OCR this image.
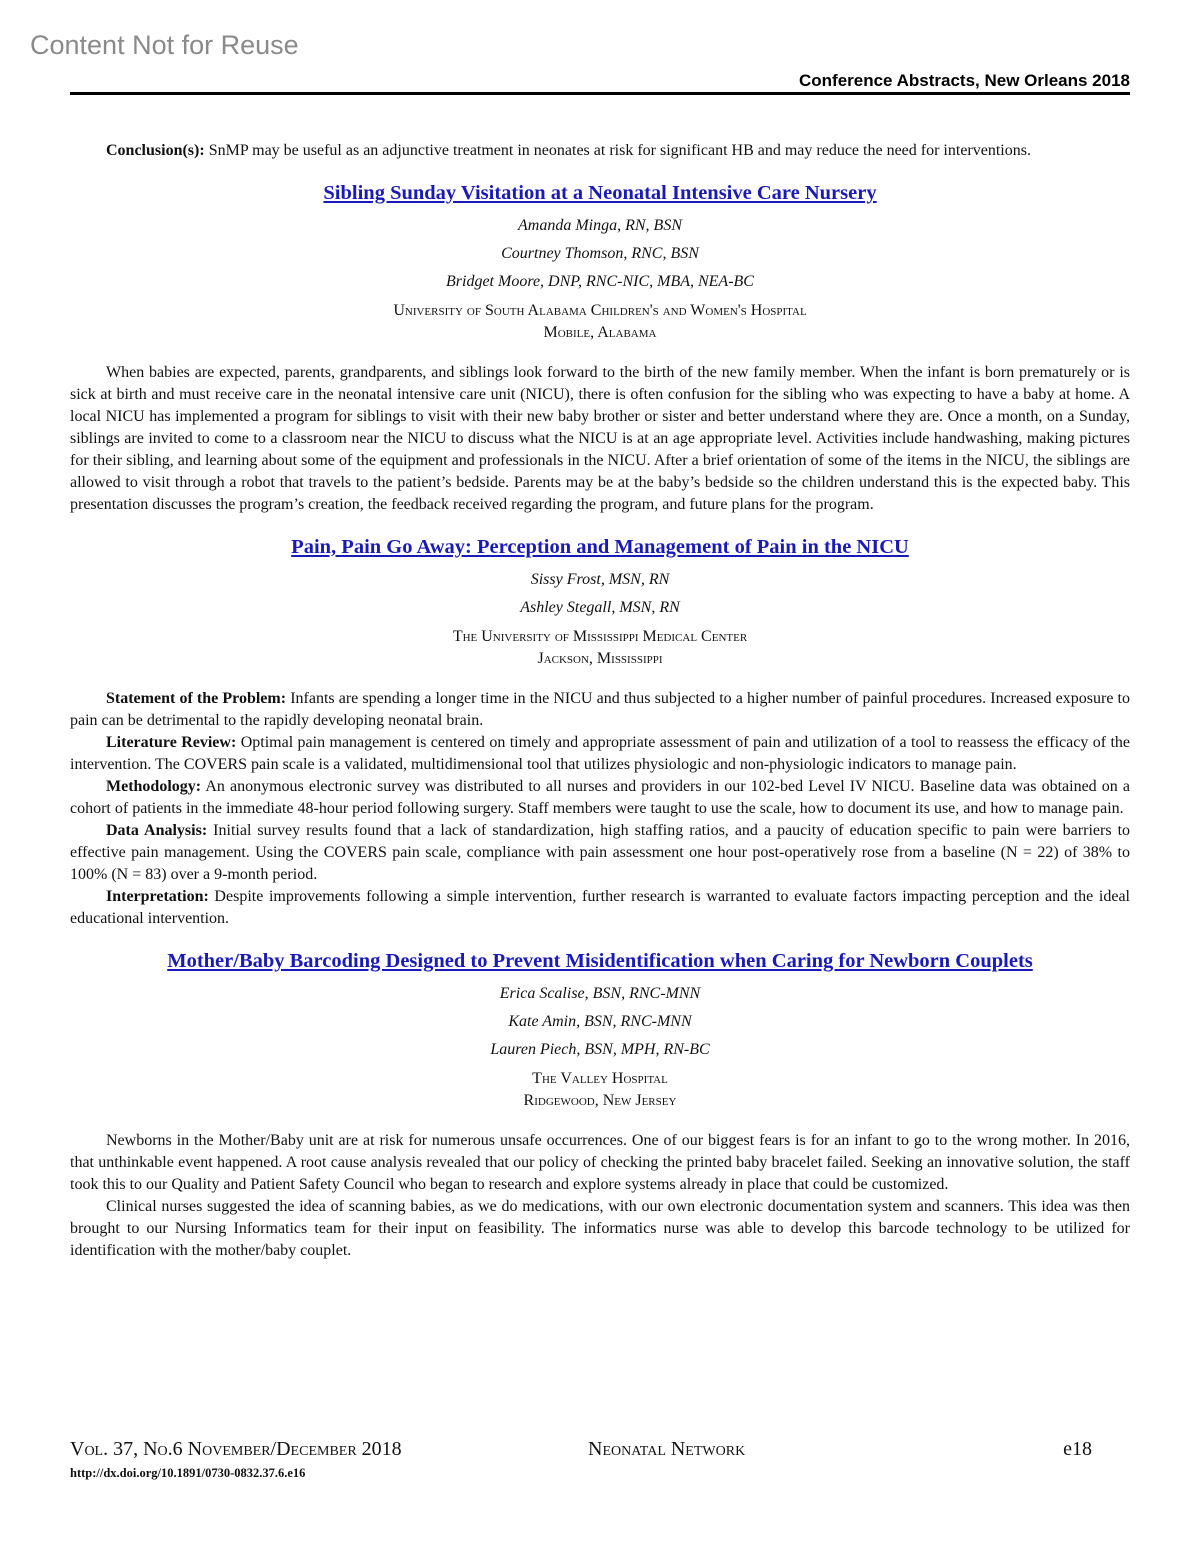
Content Not for Reuse
Conference Abstracts, New Orleans 2018

Conclusion(s): SnMP may be useful as an adjunctive treatment in neonates at risk for significant HB and may reduce the need for interventions.

Sibling Sunday Visitation at a Neonatal Intensive Care Nursery
Amanda Minga, RN, BSN
Courtney Thomson, RNC, BSN
Bridget Moore, DNP, RNC-NIC, MBA, NEA-BC
University of South Alabama Children's and Women's Hospital
Mobile, Alabama

When babies are expected, parents, grandparents, and siblings look forward to the birth of the new family member. When the infant is born prematurely or is sick at birth and must receive care in the neonatal intensive care unit (NICU), there is often confusion for the sibling who was expecting to have a baby at home. A local NICU has implemented a program for siblings to visit with their new baby brother or sister and better understand where they are. Once a month, on a Sunday, siblings are invited to come to a classroom near the NICU to discuss what the NICU is at an age appropriate level. Activities include handwashing, making pictures for their sibling, and learning about some of the equipment and professionals in the NICU. After a brief orientation of some of the items in the NICU, the siblings are allowed to visit through a robot that travels to the patient’s bedside. Parents may be at the baby’s bedside so the children understand this is the expected baby. This presentation discusses the program’s creation, the feedback received regarding the program, and future plans for the program.

Pain, Pain Go Away: Perception and Management of Pain in the NICU
Sissy Frost, MSN, RN
Ashley Stegall, MSN, RN
The University of Mississippi Medical Center
Jackson, Mississippi

Statement of the Problem: Infants are spending a longer time in the NICU and thus subjected to a higher number of painful procedures. Increased exposure to pain can be detrimental to the rapidly developing neonatal brain.

Literature Review: Optimal pain management is centered on timely and appropriate assessment of pain and utilization of a tool to reassess the efficacy of the intervention. The COVERS pain scale is a validated, multidimensional tool that utilizes physiologic and non-physiologic indicators to manage pain.

Methodology: An anonymous electronic survey was distributed to all nurses and providers in our 102-bed Level IV NICU. Baseline data was obtained on a cohort of patients in the immediate 48-hour period following surgery. Staff members were taught to use the scale, how to document its use, and how to manage pain.

Data Analysis: Initial survey results found that a lack of standardization, high staffing ratios, and a paucity of education specific to pain were barriers to effective pain management. Using the COVERS pain scale, compliance with pain assessment one hour post-operatively rose from a baseline (N = 22) of 38% to 100% (N = 83) over a 9-month period.

Interpretation: Despite improvements following a simple intervention, further research is warranted to evaluate factors impacting perception and the ideal educational intervention.

Mother/Baby Barcoding Designed to Prevent Misidentification when Caring for Newborn Couplets
Erica Scalise, BSN, RNC-MNN
Kate Amin, BSN, RNC-MNN
Lauren Piech, BSN, MPH, RN-BC
The Valley Hospital
Ridgewood, New Jersey

Newborns in the Mother/Baby unit are at risk for numerous unsafe occurrences. One of our biggest fears is for an infant to go to the wrong mother. In 2016, that unthinkable event happened. A root cause analysis revealed that our policy of checking the printed baby bracelet failed. Seeking an innovative solution, the staff took this to our Quality and Patient Safety Council who began to research and explore systems already in place that could be customized.

Clinical nurses suggested the idea of scanning babies, as we do medications, with our own electronic documentation system and scanners. This idea was then brought to our Nursing Informatics team for their input on feasibility. The informatics nurse was able to develop this barcode technology to be utilized for identification with the mother/baby couplet.

Vol. 37, No.6 November/December 2018	Neonatal Network	e18
http://dx.doi.org/10.1891/0730-0832.37.6.e16
